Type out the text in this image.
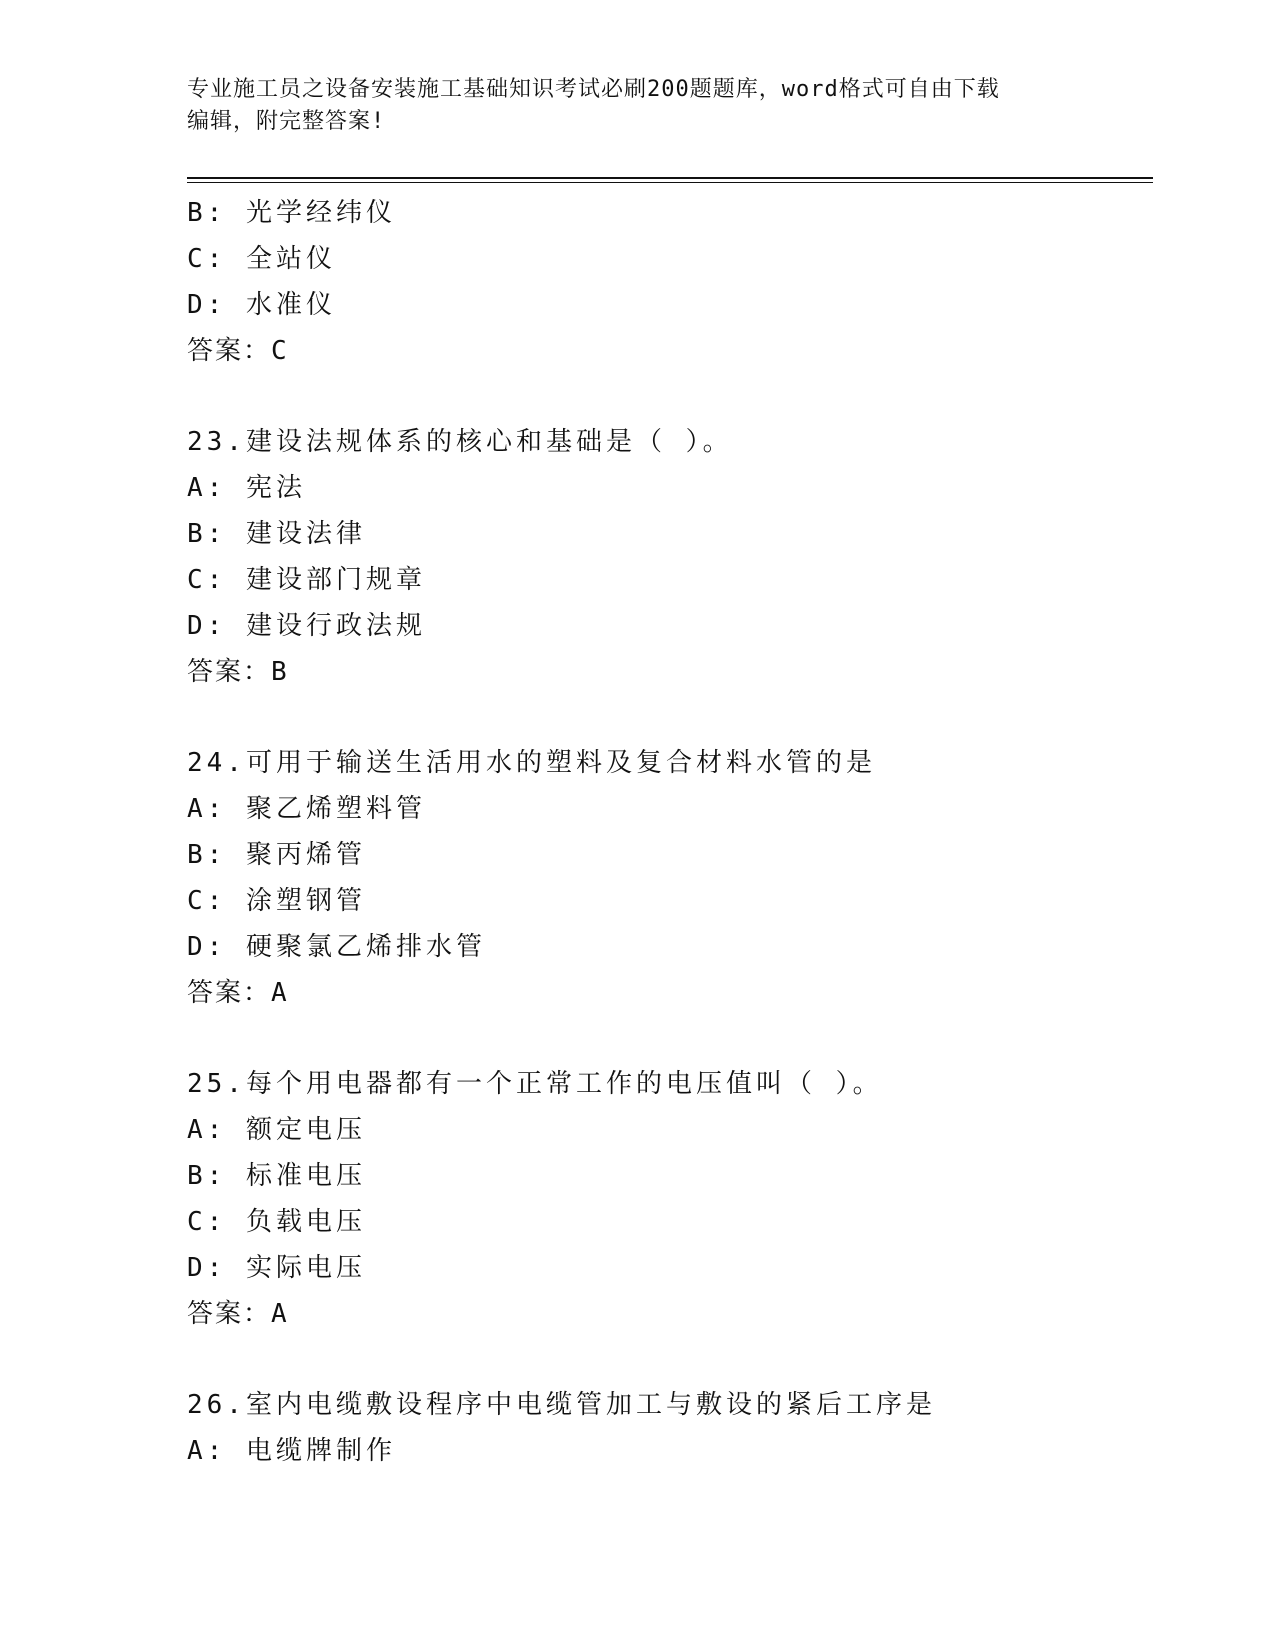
专业施工员之设备安装施工基础知识考试必刷200题题库，word格式可自由下载
编辑，附完整答案!
B: 光学经纬仪
C: 全站仪
D: 水准仪
答案：C
23.建设法规体系的核心和基础是（ ）。
A: 宪法
B: 建设法律
C: 建设部门规章
D: 建设行政法规
答案：B
24.可用于输送生活用水的塑料及复合材料水管的是
A: 聚乙烯塑料管
B: 聚丙烯管
C: 涂塑钢管
D: 硬聚氯乙烯排水管
答案：A
25.每个用电器都有一个正常工作的电压值叫（ ）。
A: 额定电压
B: 标准电压
C: 负载电压
D: 实际电压
答案：A
26.室内电缆敷设程序中电缆管加工与敷设的紧后工序是
A: 电缆牌制作
